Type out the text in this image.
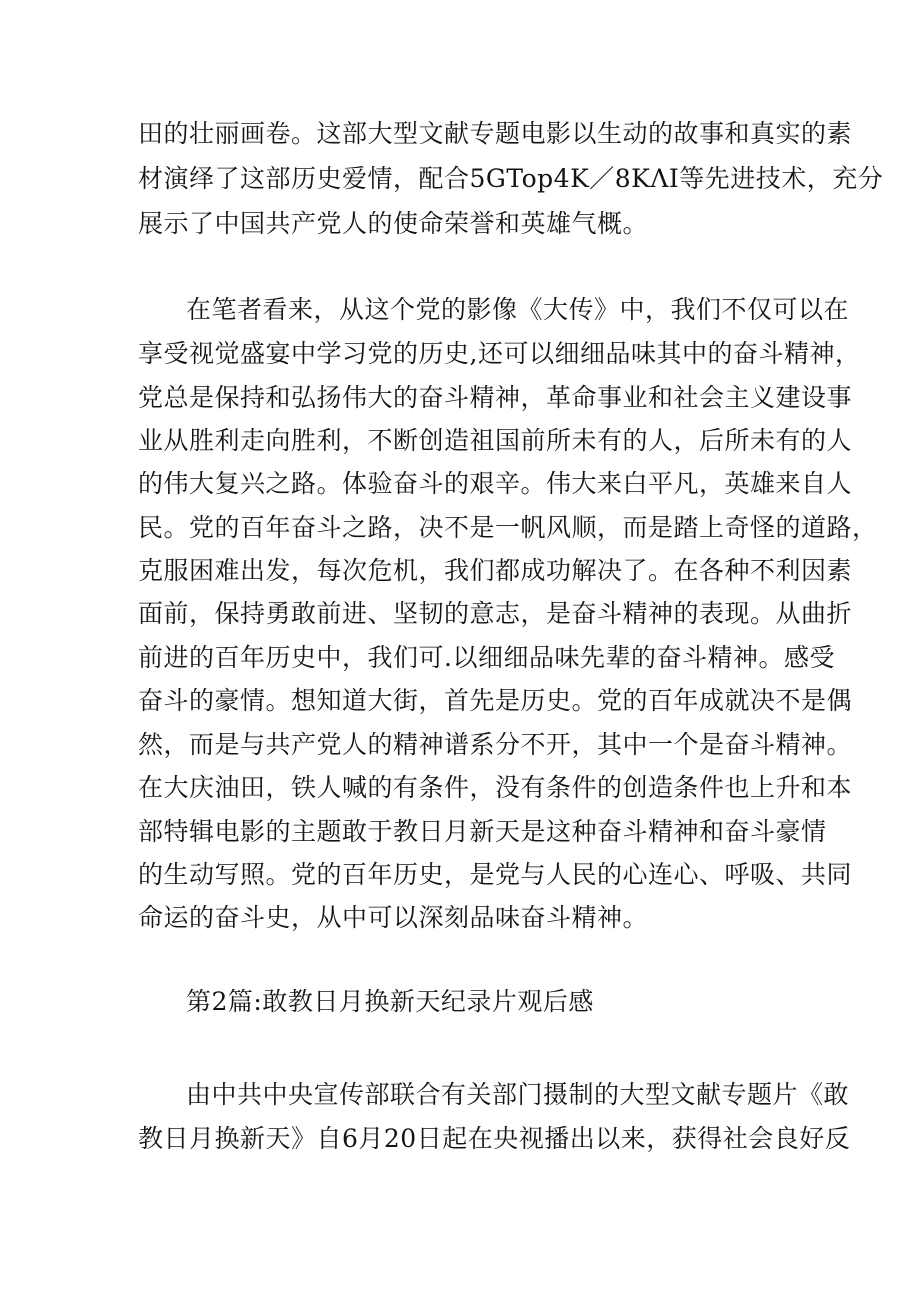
田的壮丽画卷。这部大型文献专题电影以生动的故事和真实的素
材演绎了这部历史爱情，配合5GTop4K／8KΛI等先进技术，充分
展示了中国共产党人的使命荣誉和英雄气概。
在笔者看来，从这个党的影像《大传》中，我们不仅可以在
享受视觉盛宴中学习党的历史,还可以细细品味其中的奋斗精神，
党总是保持和弘扬伟大的奋斗精神，革命事业和社会主义建设事
业从胜利走向胜利，不断创造祖国前所未有的人，后所未有的人
的伟大复兴之路。体验奋斗的艰辛。伟大来白平凡，英雄来自人
民。党的百年奋斗之路，决不是一帆风顺，而是踏上奇怪的道路，
克服困难出发，每次危机，我们都成功解决了。在各种不利因素
面前，保持勇敢前进、坚韧的意志，是奋斗精神的表现。从曲折
前进的百年历史中，我们可.以细细品味先辈的奋斗精神。感受
奋斗的豪情。想知道大街，首先是历史。党的百年成就决不是偶
然，而是与共产党人的精神谱系分不开，其中一个是奋斗精神。
在大庆油田，铁人喊的有条件，没有条件的创造条件也上升和本
部特辑电影的主题敢于教日月新天是这种奋斗精神和奋斗豪情
的生动写照。党的百年历史，是党与人民的心连心、呼吸、共同
命运的奋斗史，从中可以深刻品味奋斗精神。
第2篇:敢教日月换新天纪录片观后感
由中共中央宣传部联合有关部门摄制的大型文献专题片《敢
教日月换新天》自6月20日起在央视播出以来，获得社会良好反
